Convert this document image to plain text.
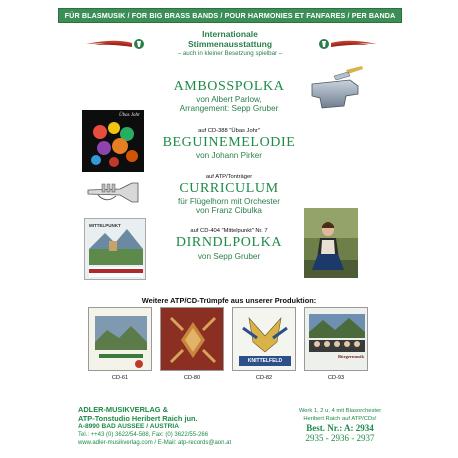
FÜR BLASMUSIK / FOR BIG BRASS BANDS / POUR HARMONIES ET FANFARES / PER BANDA
Internationale
Stimmenausstattung
– auch in kleiner Besetzung spielbar –
AMBOSSPOLKA
von Albert Parlow,
Arrangement: Sepp Gruber
Übas Johr
auf CD-388 "Übas Johr"
BEGUINEMELODIE
von Johann Pirker
auf ATP/Tonträger
CURRICULUM
für Flügelhorn mit Orchester
von Franz Cibulka
MITTELPUNKT
auf CD-404 "Mittelpunkt" Nr. 7
DIRNDLPOLKA
von Sepp Gruber
Weitere ATP/CD-Trümpfe aus unserer Produktion:
CD-61	CD-80
KNITTELFELD
CD-82
Bürgermusik
CD-93
ADLER-MUSIKVERLAG &
ATP-Tonstudio Heribert Raich jun.
A-8990 BAD AUSSEE / AUSTRIA
Tel.: ++43 (0) 3622/54-588, Fax: (0) 3622/55-266
www.adler-musikverlag.com / E-Mail: atp-records@aon.at
Werk 1, 2 u. 4 mit Blasorchester
Heribert Raich auf ATP/CDs!
Best. Nr.: A: 2934
2935 - 2936 - 2937
